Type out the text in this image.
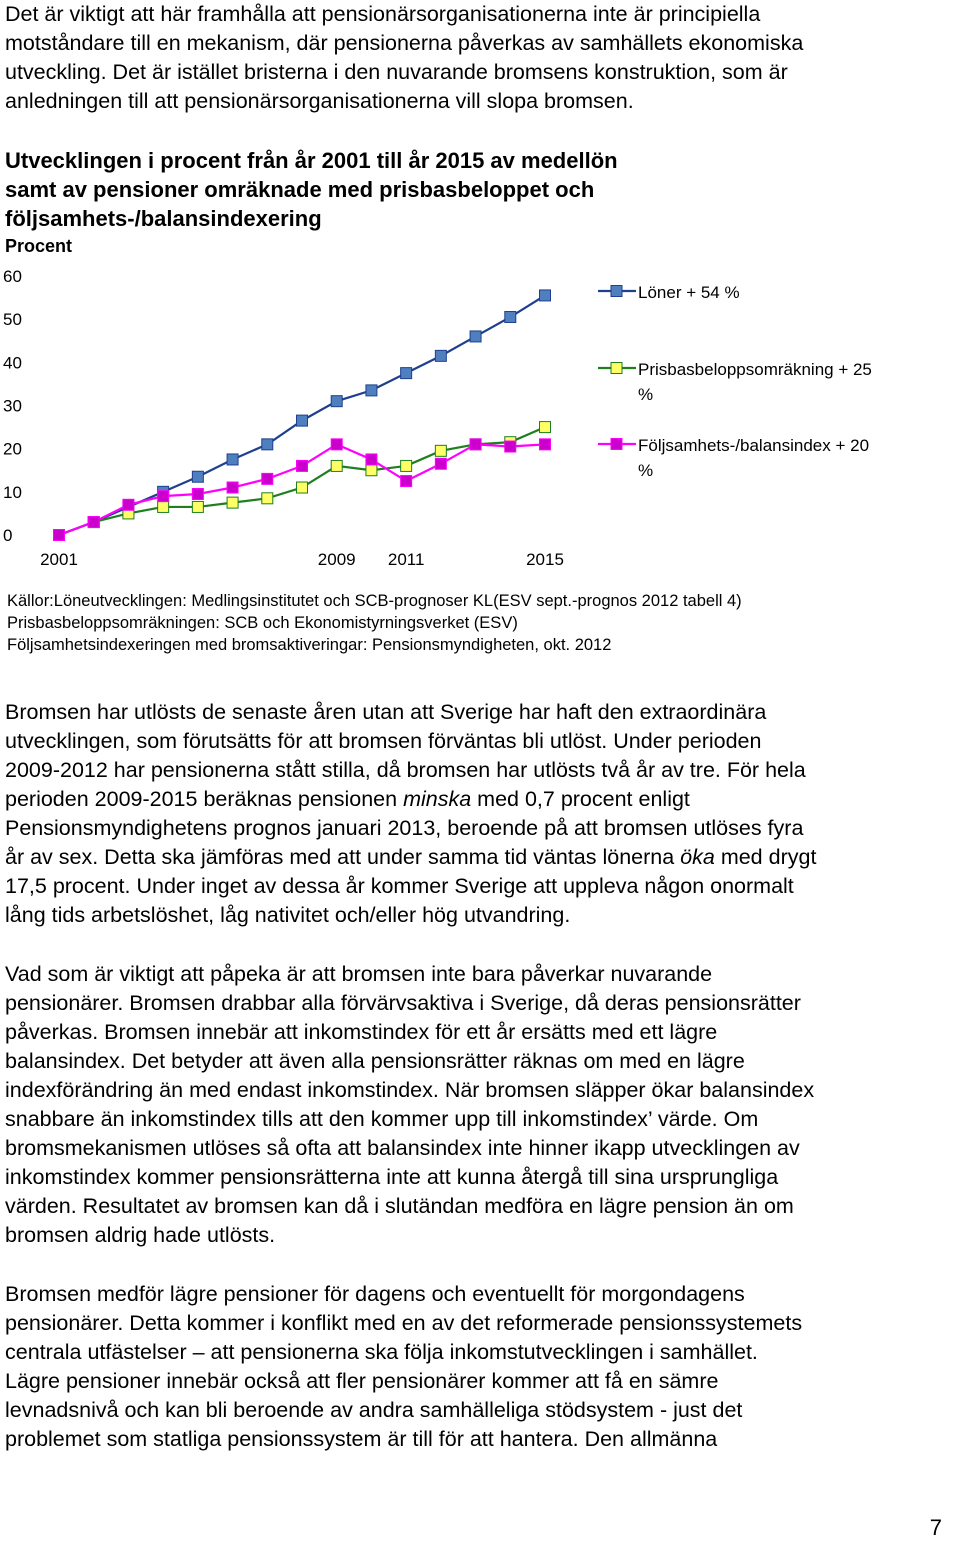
Det är viktigt att här framhålla att pensionärsorganisationerna inte är principiella
motståndare till en mekanism, där pensionerna påverkas av samhällets ekonomiska
utveckling. Det är istället bristerna i den nuvarande bromsens konstruktion, som är
anledningen till att pensionärsorganisationerna vill slopa bromsen.
Utvecklingen i procent från år 2001 till år 2015 av medellön
samt av pensioner omräknade med prisbasbeloppet och
följsamhets-/balansindexering
Procent
0
10
20
30
40
50
60
2001	2009 2011	2015
Löner + 54 %
Prisbasbeloppsomräkning + 25 %
Följsamhets-/balansindex + 20 %
Källor:Löneutvecklingen: Medlingsinstitutet och SCB-prognoser KL(ESV sept.-prognos 2012 tabell 4)
Prisbasbeloppsomräkningen: SCB och Ekonomistyrningsverket (ESV)
Följsamhetsindexeringen med bromsaktiveringar: Pensionsmyndigheten, okt. 2012
Bromsen har utlösts de senaste åren utan att Sverige har haft den extraordinära
utvecklingen, som förutsätts för att bromsen förväntas bli utlöst. Under perioden
2009-2012 har pensionerna stått stilla, då bromsen har utlösts två år av tre. För hela
perioden 2009-2015 beräknas pensionen minska med 0,7 procent enligt
Pensionsmyndighetens prognos januari 2013, beroende på att bromsen utlöses fyra
år av sex. Detta ska jämföras med att under samma tid väntas lönerna öka med drygt
17,5 procent. Under inget av dessa år kommer Sverige att uppleva någon onormalt
lång tids arbetslöshet, låg nativitet och/eller hög utvandring.
Vad som är viktigt att påpeka är att bromsen inte bara påverkar nuvarande
pensionärer. Bromsen drabbar alla förvärvsaktiva i Sverige, då deras pensionsrätter
påverkas. Bromsen innebär att inkomstindex för ett år ersätts med ett lägre
balansindex. Det betyder att även alla pensionsrätter räknas om med en lägre
indexförändring än med endast inkomstindex. När bromsen släpper ökar balansindex
snabbare än inkomstindex tills att den kommer upp till inkomstindex’ värde. Om
bromsmekanismen utlöses så ofta att balansindex inte hinner ikapp utvecklingen av
inkomstindex kommer pensionsrätterna inte att kunna återgå till sina ursprungliga
värden. Resultatet av bromsen kan då i slutändan medföra en lägre pension än om
bromsen aldrig hade utlösts.
Bromsen medför lägre pensioner för dagens och eventuellt för morgondagens
pensionärer. Detta kommer i konflikt med en av det reformerade pensionssystemets
centrala utfästelser – att pensionerna ska följa inkomstutvecklingen i samhället.
Lägre pensioner innebär också att fler pensionärer kommer att få en sämre
levnadsnivå och kan bli beroende av andra samhälleliga stödsystem - just det
problemet som statliga pensionssystem är till för att hantera. Den allmänna
7
